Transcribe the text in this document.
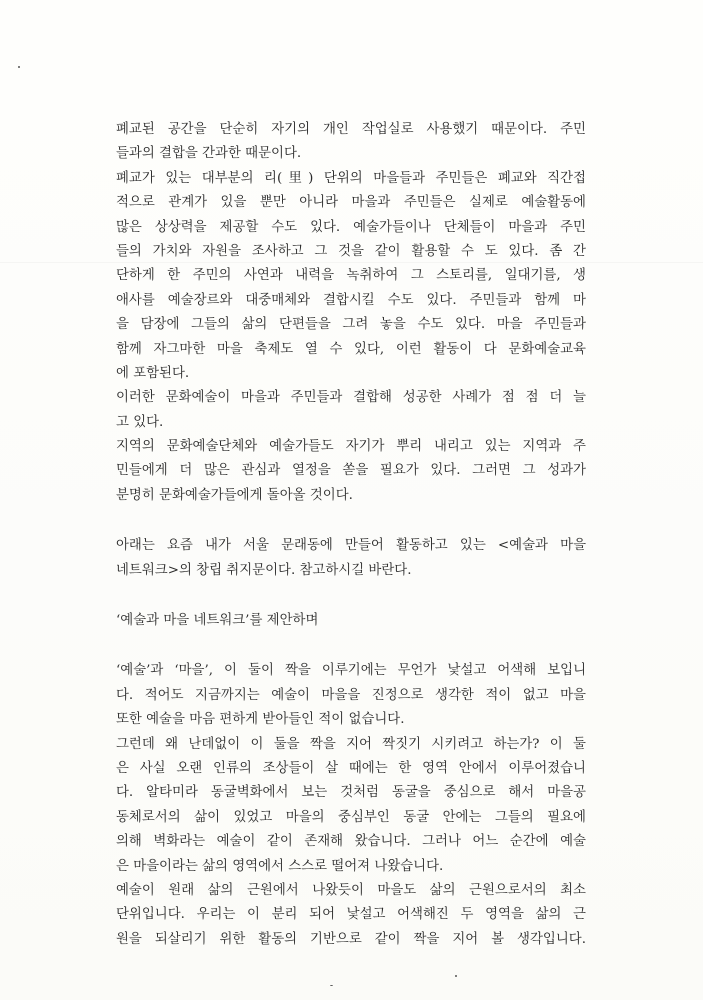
폐교된 공간을 단순히 자기의 개인 작업실로 사용했기 때문이다. 주민
들과의 결합을 간과한 때문이다.
폐교가 있는 대부분의 리(里) 단위의 마을들과 주민들은 폐교와 직간접
적으로 관계가 있을 뿐만 아니라 마을과 주민들은 실제로 예술활동에
많은 상상력을 제공할 수도 있다. 예술가들이나 단체들이 마을과 주민
들의 가치와 자원을 조사하고 그 것을 같이 활용할 수 도 있다. 좀 간
단하게 한 주민의 사연과 내력을 녹취하여 그 스토리를, 일대기를, 생
애사를 예술장르와 대중매체와 결합시킬 수도 있다. 주민들과 함께 마
을 담장에 그들의 삶의 단편들을 그려 놓을 수도 있다. 마을 주민들과
함께 자그마한 마을 축제도 열 수 있다, 이런 활동이 다 문화예술교육
에 포함된다.
이러한 문화예술이 마을과 주민들과 결합해 성공한 사례가 점 점 더 늘
고 있다.
지역의 문화예술단체와 예술가들도 자기가 뿌리 내리고 있는 지역과 주
민들에게 더 많은 관심과 열정을 쏟을 필요가 있다. 그러면 그 성과가
분명히 문화예술가들에게 돌아올 것이다.
아래는 요즘 내가 서울 문래동에 만들어 활동하고 있는 <예술과 마을
네트워크>의 창립 취지문이다. 참고하시길 바란다.
‘예술과 마을 네트워크’를 제안하며
‘예술’과 ‘마을’, 이 둘이 짝을 이루기에는 무언가 낯설고 어색해 보입니
다. 적어도 지금까지는 예술이 마을을 진정으로 생각한 적이 없고 마을
또한 예술을 마음 편하게 받아들인 적이 없습니다.
그런데 왜 난데없이 이 둘을 짝을 지어 짝짓기 시키려고 하는가? 이 둘
은 사실 오랜 인류의 조상들이 살 때에는 한 영역 안에서 이루어졌습니
다. 알타미라 동굴벽화에서 보는 것처럼 동굴을 중심으로 해서 마을공
동체로서의 삶이 있었고 마을의 중심부인 동굴 안에는 그들의 필요에
의해 벽화라는 예술이 같이 존재해 왔습니다. 그러나 어느 순간에 예술
은 마을이라는 삶의 영역에서 스스로 떨어져 나왔습니다.
예술이 원래 삶의 근원에서 나왔듯이 마을도 삶의 근원으로서의 최소
단위입니다. 우리는 이 분리 되어 낯설고 어색해진 두 영역을 삶의 근
원을 되살리기 위한 활동의 기반으로 같이 짝을 지어 볼 생각입니다.
